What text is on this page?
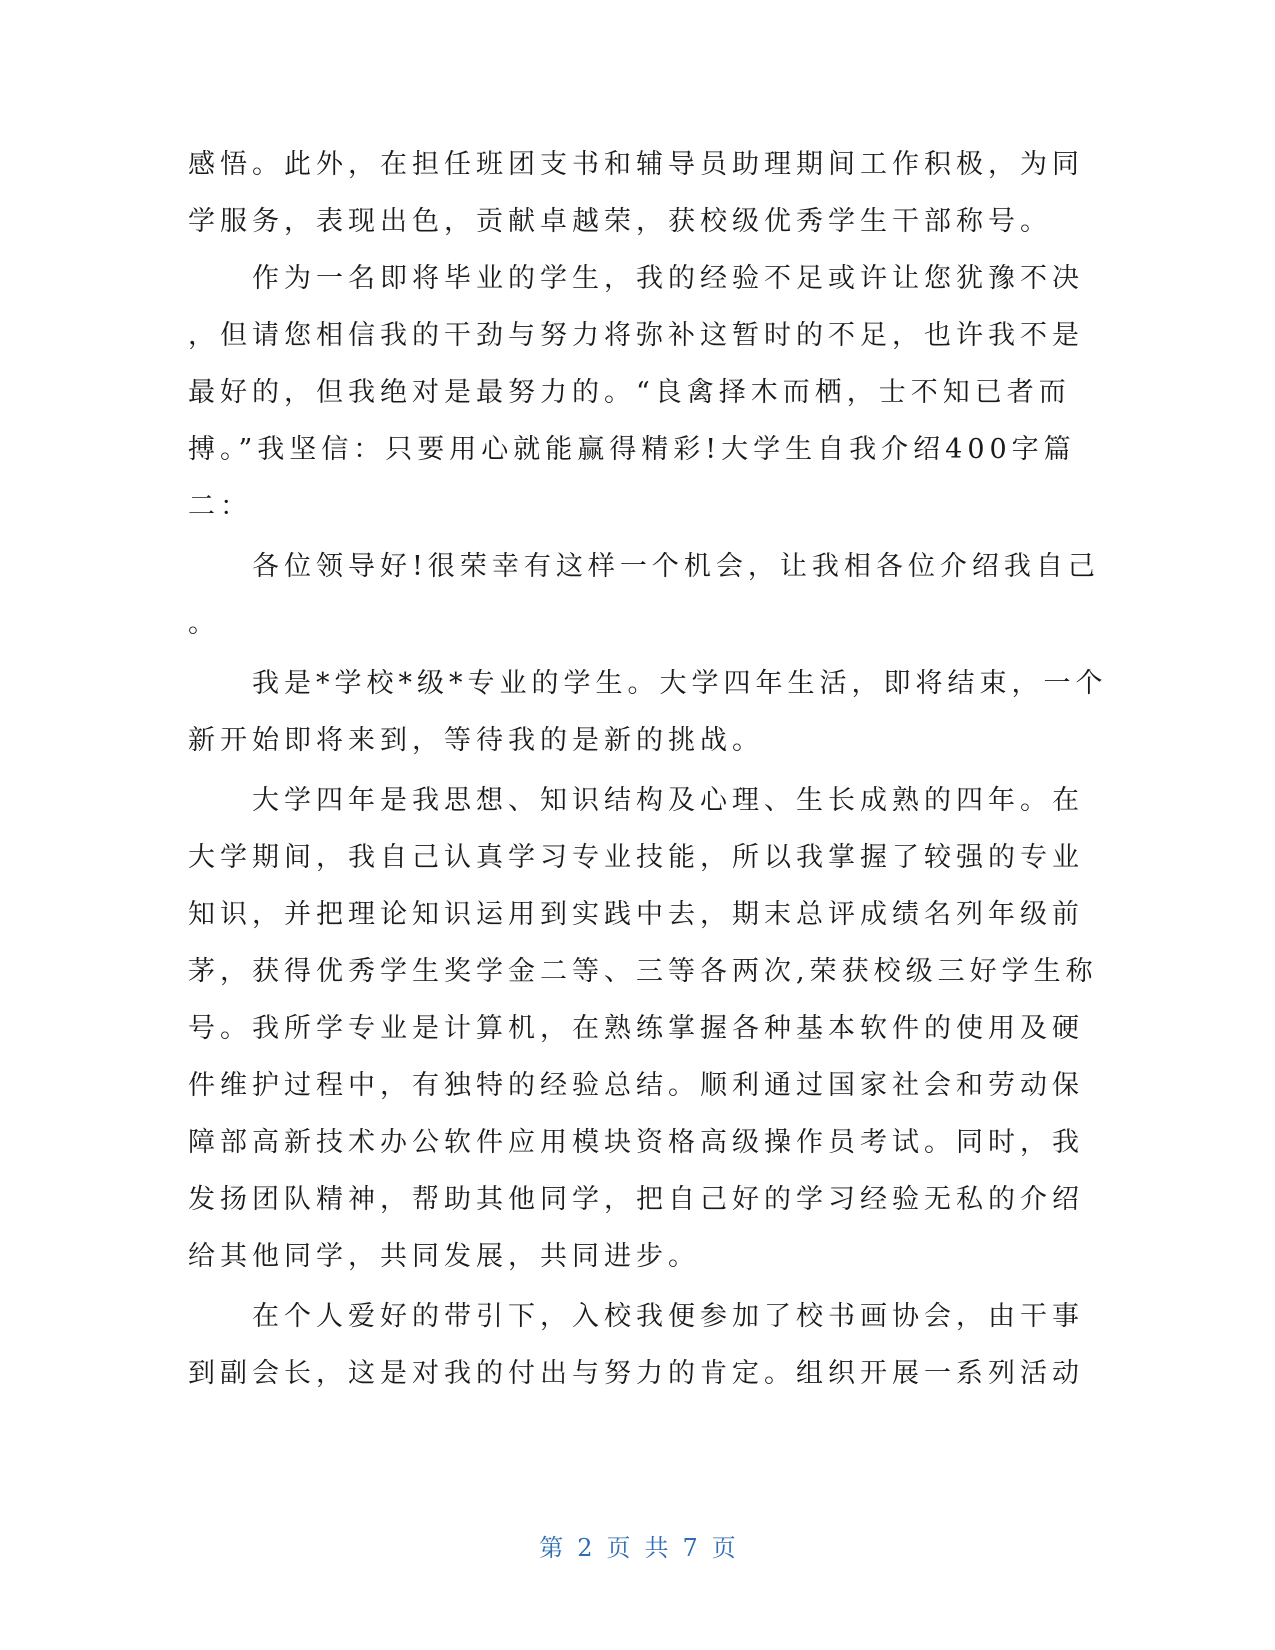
感悟。此外，在担任班团支书和辅导员助理期间工作积极，为同
学服务，表现出色，贡献卓越荣，获校级优秀学生干部称号。
　　作为一名即将毕业的学生，我的经验不足或许让您犹豫不决
，但请您相信我的干劲与努力将弥补这暂时的不足，也许我不是
最好的，但我绝对是最努力的。“良禽择木而栖，士不知已者而
搏。”我坚信：只要用心就能赢得精彩!大学生自我介绍400字篇
二：
　　各位领导好!很荣幸有这样一个机会，让我相各位介绍我自己
。
　　我是*学校*级*专业的学生。大学四年生活，即将结束，一个
新开始即将来到，等待我的是新的挑战。
　　大学四年是我思想、知识结构及心理、生长成熟的四年。在
大学期间，我自己认真学习专业技能，所以我掌握了较强的专业
知识，并把理论知识运用到实践中去，期末总评成绩名列年级前
茅，获得优秀学生奖学金二等、三等各两次,荣获校级三好学生称
号。我所学专业是计算机，在熟练掌握各种基本软件的使用及硬
件维护过程中，有独特的经验总结。顺利通过国家社会和劳动保
障部高新技术办公软件应用模块资格高级操作员考试。同时，我
发扬团队精神，帮助其他同学，把自己好的学习经验无私的介绍
给其他同学，共同发展，共同进步。
　　在个人爱好的带引下，入校我便参加了校书画协会，由干事
到副会长，这是对我的付出与努力的肯定。组织开展一系列活动
第 2 页 共 7 页
